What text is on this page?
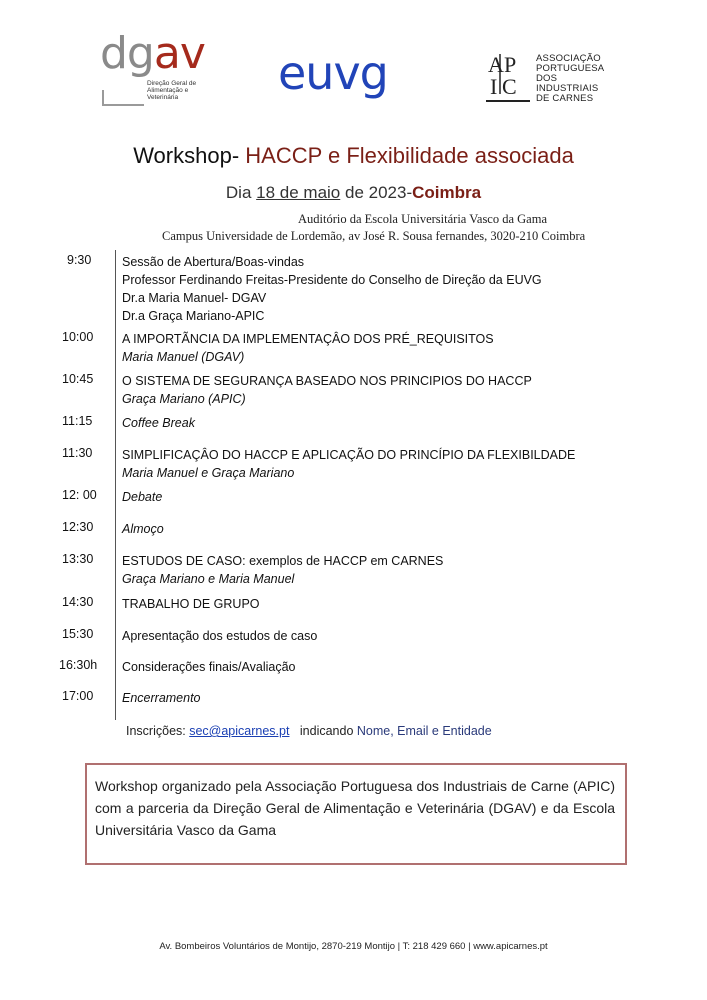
dgav
Direção Geral de Alimentação e Veterinária	euvg	A P
I C
ASSOCIAÇÃO
PORTUGUESA
DOS INDUSTRIAIS
DE CARNES
Workshop- HACCP e Flexibilidade associada
Dia 18 de maio de 2023-Coimbra
Auditório da Escola Universitária Vasco da Gama
Campus Universidade de Lordemão, av José R. Sousa fernandes, 3020-210 Coimbra
9:30	Sessão de Abertura/Boas-vindas
Professor Ferdinando Freitas-Presidente do Conselho de Direção da EUVG
Dr.a Maria Manuel- DGAV
Dr.a Graça Mariano-APIC
10:00	A IMPORTÃNCIA DA IMPLEMENTAÇÂO DOS PRÉ_REQUISITOS
Maria Manuel (DGAV)
10:45	O SISTEMA DE SEGURANÇA BASEADO NOS PRINCIPIOS DO HACCP
Graça Mariano (APIC)
11:15	Coffee Break
11:30	SIMPLIFICAÇÂO DO HACCP E APLICAÇÃO DO PRINCÍPIO DA FLEXIBILDADE
Maria Manuel e Graça Mariano
12: 00	Debate
12:30	Almoço
13:30	ESTUDOS DE CASO: exemplos de HACCP em CARNES
Graça Mariano e Maria Manuel
14:30	TRABALHO DE GRUPO
15:30	Apresentação dos estudos de caso
16:30h Considerações finais/Avaliação
17:00	Encerramento
Inscrições: sec@apicarnes.pt   indicando Nome, Email e Entidade
Workshop organizado pela Associação Portuguesa dos Industriais de Carne (APIC) com a parceria da Direção Geral de Alimentação e Veterinária (DGAV) e da Escola Universitária Vasco da Gama
Av. Bombeiros Voluntários de Montijo, 2870-219 Montijo | T: 218 429 660 | www.apicarnes.pt
